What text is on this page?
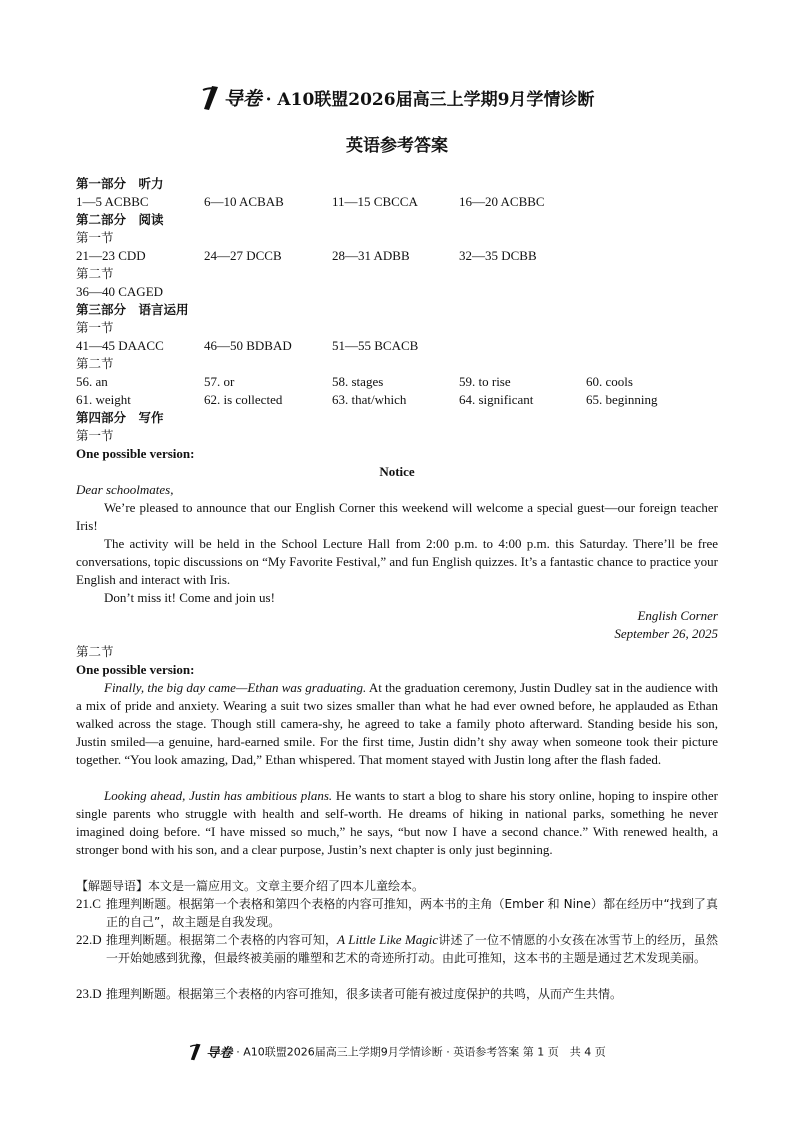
导卷 · A10联盟2026届高三上学期9月学情诊断
英语参考答案
第一部分　听力
1—5 ACBBC	6—10 ACBAB	11—15 CBCCA	16—20 ACBBC
第二部分　阅读
第一节
21—23 CDD	24—27 DCCB	28—31 ADBB	32—35 DCBB
第二节
36—40 CAGED
第三部分　语言运用
第一节
41—45 DAACC	46—50 BDBAD	51—55 BCACB
第二节
56. an	57. or	58. stages	59. to rise	60. cools
61. weight	62. is collected	63. that/which	64. significant	65. beginning
第四部分　写作
第一节
One possible version:
Notice
Dear schoolmates,
We’re pleased to announce that our English Corner this weekend will welcome a special guest—our foreign teacher Iris!
The activity will be held in the School Lecture Hall from 2:00 p.m. to 4:00 p.m. this Saturday. There’ll be free conversations, topic discussions on “My Favorite Festival,” and fun English quizzes. It’s a fantastic chance to practice your English and interact with Iris.
Don’t miss it! Come and join us!
English Corner
September 26, 2025
第二节
One possible version:
Finally, the big day came—Ethan was graduating. At the graduation ceremony, Justin Dudley sat in the audience with a mix of pride and anxiety. Wearing a suit two sizes smaller than what he had ever owned before, he applauded as Ethan walked across the stage. Though still camera-shy, he agreed to take a family photo afterward. Standing beside his son, Justin smiled—a genuine, hard-earned smile. For the first time, Justin didn’t shy away when someone took their picture together. “You look amazing, Dad,” Ethan whispered. That moment stayed with Justin long after the flash faded.
Looking ahead, Justin has ambitious plans. He wants to start a blog to share his story online, hoping to inspire other single parents who struggle with health and self-worth. He dreams of hiking in national parks, something he never imagined doing before. “I have missed so much,” he says, “but now I have a second chance.” With renewed health, a stronger bond with his son, and a clear purpose, Justin’s next chapter is only just beginning.
【解题导语】本文是一篇应用文。文章主要介绍了四本儿童绘本。
21.C 推理判断题。根据第一个表格和第四个表格的内容可推知，两本书的主角（Ember 和 Nine）都在经历中“找到了真正的自己”，故主题是自我发现。
22.D 推理判断题。根据第二个表格的内容可知，A Little Like Magic讲述了一位不情愿的小女孩在冰雪节上的经历，虽然一开始她感到犹豫，但最终被美丽的雕塑和艺术的奇迹所打动。由此可推知，这本书的主题是通过艺术发现美丽。
23.D 推理判断题。根据第三个表格的内容可推知，很多读者可能有被过度保护的共鸣，从而产生共情。
导卷 · A10联盟2026届高三上学期9月学情诊断 · 英语参考答案 第 1 页　共 4 页
